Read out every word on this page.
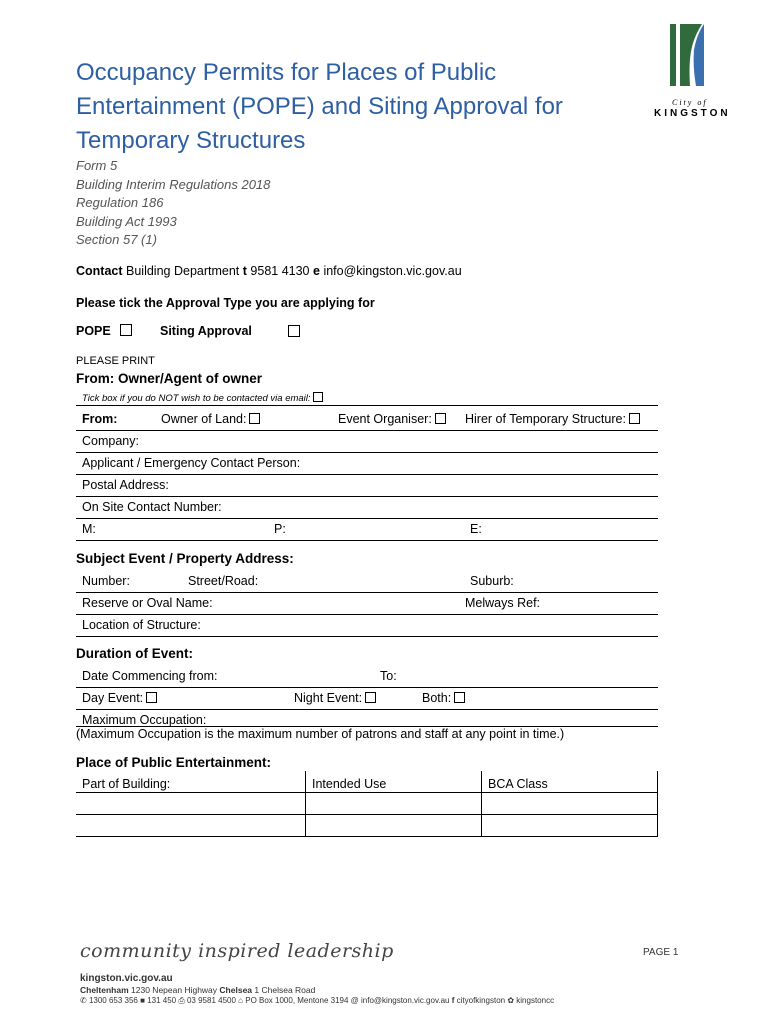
City of
KINGSTON
Occupancy Permits for Places of Public
Entertainment (POPE) and Siting Approval for
Temporary Structures
Form 5
Building Interim Regulations 2018
Regulation 186
Building Act 1993
Section 57 (1)
Contact Building Department t 9581 4130 e info@kingston.vic.gov.au
Please tick the Approval Type you are applying for
POPE	Siting Approval
PLEASE PRINT
From: Owner/Agent of owner
Tick box if you do NOT wish to be contacted via email:
From:	Owner of Land:	Event Organiser:	Hirer of Temporary Structure:
Company:
Applicant / Emergency Contact Person:
Postal Address:
On Site Contact Number:
M:	P:	E:
Subject Event / Property Address:
Number:	Street/Road:	Suburb:
Reserve or Oval Name:	Melways Ref:
Location of Structure:
Duration of Event:
Date Commencing from:	To:
Day Event:	Night Event:	Both:
Maximum Occupation:
(Maximum Occupation is the maximum number of patrons and staff at any point in time.)
Place of Public Entertainment:
Part of Building:	Intended Use	BCA Class
community inspired leadership	PAGE 1
kingston.vic.gov.au
Cheltenham 1230 Nepean Highway Chelsea 1 Chelsea Road
✆ 1300 653 356 ■ 131 450 ⎙ 03 9581 4500 ⌂ PO Box 1000, Mentone 3194 @ info@kingston.vic.gov.au f cityofkingston ✿ kingstoncc
